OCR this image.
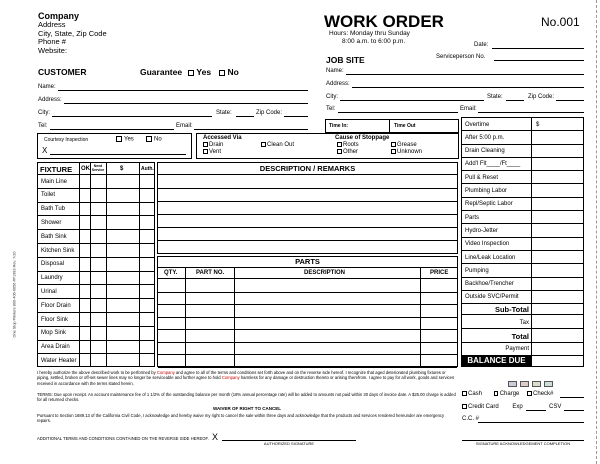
One Stop Printers 800-406-0656 #P1993 Rev. 7/20
Company
Address
City, State, Zip Code
Phone #
Website:
WORK ORDER	No.001
Hours: Monday thru Sunday
8:00 a.m. to 6:00 p.m.	Date:
Serviceperson No.
CUSTOMER	Guarantee Yes No
Name:
Address:
City:	State:	Zip Code:
Tel:	Email:
JOB SITE
Name:
Address:
City:	State:	Zip Code:
Tel:	Email:
Time In:	Time Out
Courtesy Inspection	Yes	No
X
Accessed Via
Drain
Vent
Clean Out
Cause of Stoppage
Roots
Other
Grease
Unknown
FIXTURE OK	Need Service	$	Auth.
Main Line
Toilet
Bath Tub
Shower
Bath Sink
Kitchen Sink
Disposal
Laundry
Urinal
Floor Drain
Floor Sink
Mop Sink
Area Drain
Water Heater
DESCRIPTION / REMARKS
PARTS
QTY.	PART NO.	DESCRIPTION	PRICE
$
Overtime
After 5:00 p.m.
Drain Cleaning
Add'l Flt____/Ft____
Pull & Reset
Plumbing Labor
Repl/Septic Labor
Parts
Hydro-Jetter
Video Inspection
Line/Leak Location
Pumping
Backhoe/Trencher
Outside SVC/Permit
Sub-Total
Tax
Total
Payment
BALANCE DUE
I hereby authorize the above described work to be performed by Company and agree to all of the terms and conditions set forth above and on the reverse side hereof. I recognize that aged deteriorated plumbing fixtures or piping, settled, broken or off-set sewer lines may no longer be serviceable and further agree to hold Company harmless for any damage or destruction thereto or arising therefrom. I agree to pay for all work, goods and services received in accordance with the terms stated herein.
TERMS: Due upon receipt. An account maintenance fee of 1 1/2% of the outstanding balance per month (18% annual percentage rate) will be added to amounts not paid within 30 days of invoice date. A $25.00 charge is added for all returned checks.
WAIVER OF RIGHT TO CANCEL
Pursuant to Section 1689.13 of the California Civil Code, I acknowledge and hereby waive my right to cancel the sale within three days and acknowledge that the products and services rendered hereunder are emergency repairs.
ADDITIONAL TERMS AND CONDITIONS CONTAINED ON THE REVERSE SIDE HEREOF. X
AUTHORIZED SIGNATURE	SIGNATURE ACKNOWLEDGEMENT COMPLETION
Cash	Charge Check#
Credit Card Exp	CSV
C.C. #
